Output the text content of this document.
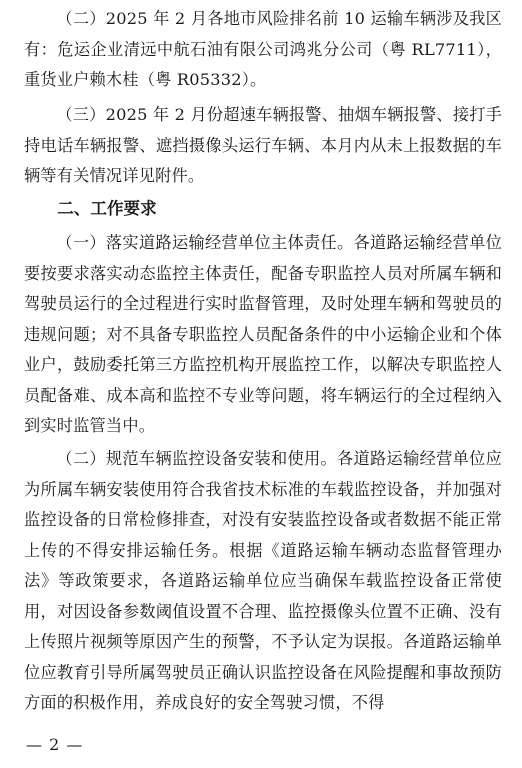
（二）2025 年 2 月各地市风险排名前 10 运输车辆涉及我区有：危运企业清远中航石油有限公司鸿兆分公司（粤 RL7711），重货业户赖木桂（粤 R05332）。

（三）2025 年 2 月份超速车辆报警、抽烟车辆报警、接打手持电话车辆报警、遮挡摄像头运行车辆、本月内从未上报数据的车辆等有关情况详见附件。

二、工作要求

（一）落实道路运输经营单位主体责任。各道路运输经营单位要按要求落实动态监控主体责任，配备专职监控人员对所属车辆和驾驶员运行的全过程进行实时监督管理，及时处理车辆和驾驶员的违规问题；对不具备专职监控人员配备条件的中小运输企业和个体业户，鼓励委托第三方监控机构开展监控工作，以解决专职监控人员配备难、成本高和监控不专业等问题，将车辆运行的全过程纳入到实时监管当中。

（二）规范车辆监控设备安装和使用。各道路运输经营单位应为所属车辆安装使用符合我省技术标准的车载监控设备，并加强对监控设备的日常检修排查，对没有安装监控设备或者数据不能正常上传的不得安排运输任务。根据《道路运输车辆动态监督管理办法》等政策要求，各道路运输单位应当确保车载监控设备正常使用，对因设备参数阈值设置不合理、监控摄像头位置不正确、没有上传照片视频等原因产生的预警，不予认定为误报。各道路运输单位应教育引导所属驾驶员正确认识监控设备在风险提醒和事故预防方面的积极作用，养成良好的安全驾驶习惯，不得

— 2 —
